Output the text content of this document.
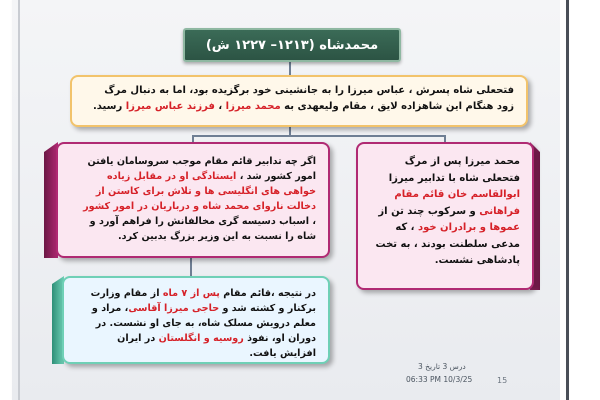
محمدشاه (۱۲۱۳– ۱۲۲۷ ش)
فتحعلی شاه پسرش ، عباس میرزا را به جانشینی خود برگزیده بود، اما به دنبال مرگ زود هنگام این شاهزاده لایق ، مقام ولیعهدی به محمد میرزا ، فرزند عباس میرزا رسید.
اگر چه تدابیر قائم مقام موجب سروسامان یافتن امور کشور شد ، ایستادگی او در مقابل زیاده خواهی های انگلیسی ها و تلاش برای کاستن از دخالت ناروای محمد شاه و درباریان در امور کشور ، اسباب دسیسه گری مخالفانش را فراهم آورد و شاه را نسبت به این وزیر بزرگ بدبین کرد.
محمد میرزا پس از مرگ فتحعلی شاه با تدابیر میرزا ابوالقاسم خان قائم مقام فراهانی و سرکوب چند تن از عموها و برادران خود ، که مدعی سلطنت بودند ، به تخت پادشاهی نشست.
در نتیجه ،قائم مقام پس از ۷ ماه از مقام وزارت برکنار و کشته شد و حاجی میرزا آقاسی، مراد و معلم درویش مسلک شاه، به جای او نشست. در دوران او، نفوذ روسیه و انگلستان در ایران افزایش یافت.
درس 3 تاریخ 3
06:33 PM 10/3/25	15
